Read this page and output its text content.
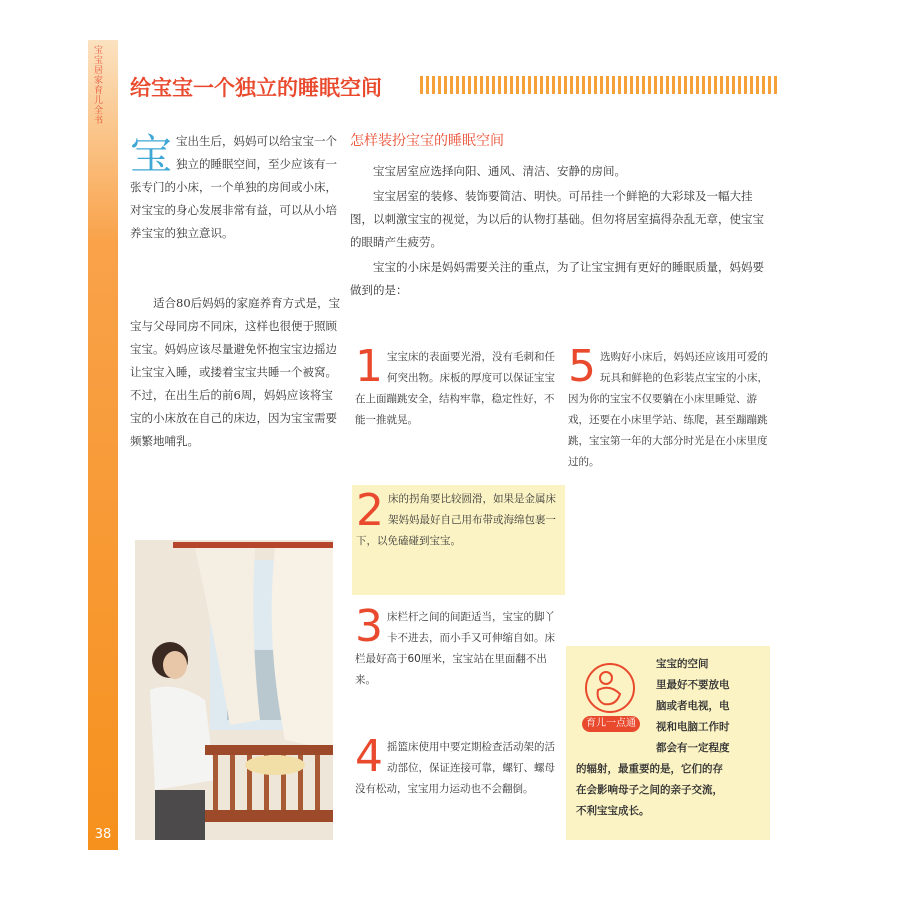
宝宝居家育儿全书
38
给宝宝一个独立的睡眠空间
宝宝出生后，妈妈可以给宝宝一个独立的睡眠空间，至少应该有一张专门的小床，一个单独的房间或小床，对宝宝的身心发展非常有益，可以从小培养宝宝的独立意识。
适合80后妈妈的家庭养育方式是，宝宝与父母同房不同床，这样也很便于照顾宝宝。妈妈应该尽量避免怀抱宝宝边摇边让宝宝入睡，或搂着宝宝共睡一个被窝。不过，在出生后的前6周，妈妈应该将宝宝的小床放在自己的床边，因为宝宝需要频繁地哺乳。
怎样装扮宝宝的睡眠空间
宝宝居室应选择向阳、通风、清洁、安静的房间。
宝宝居室的装修、装饰要简洁、明快。可吊挂一个鲜艳的大彩球及一幅大挂图，以刺激宝宝的视觉，为以后的认物打基础。但勿将居室搞得杂乱无章，使宝宝的眼睛产生疲劳。
宝宝的小床是妈妈需要关注的重点，为了让宝宝拥有更好的睡眠质量，妈妈要做到的是：
1 宝宝床的表面要光滑，没有毛刺和任何突出物。床板的厚度可以保证宝宝在上面蹦跳安全，结构牢靠，稳定性好，不能一推就晃。
2 床的拐角要比较圆滑，如果是金属床架妈妈最好自己用布带或海绵包裹一下，以免磕碰到宝宝。
3 床栏杆之间的间距适当，宝宝的脚丫卡不进去，而小手又可伸缩自如。床栏最好高于60厘米，宝宝站在里面翻不出来。
4 摇篮床使用中要定期检查活动架的活动部位，保证连接可靠，螺钉、螺母没有松动，宝宝用力运动也不会翻倒。
5 选购好小床后，妈妈还应该用可爱的玩具和鲜艳的色彩装点宝宝的小床，因为你的宝宝不仅要躺在小床里睡觉、游戏，还要在小床里学站、练爬，甚至蹦蹦跳跳，宝宝第一年的大部分时光是在小床里度过的。
育儿一点通
宝宝的空间
里最好不要放电
脑或者电视，电
视和电脑工作时
都会有一定程度
的辐射，最重要的是，它们的存
在会影响母子之间的亲子交流，
不利宝宝成长。
